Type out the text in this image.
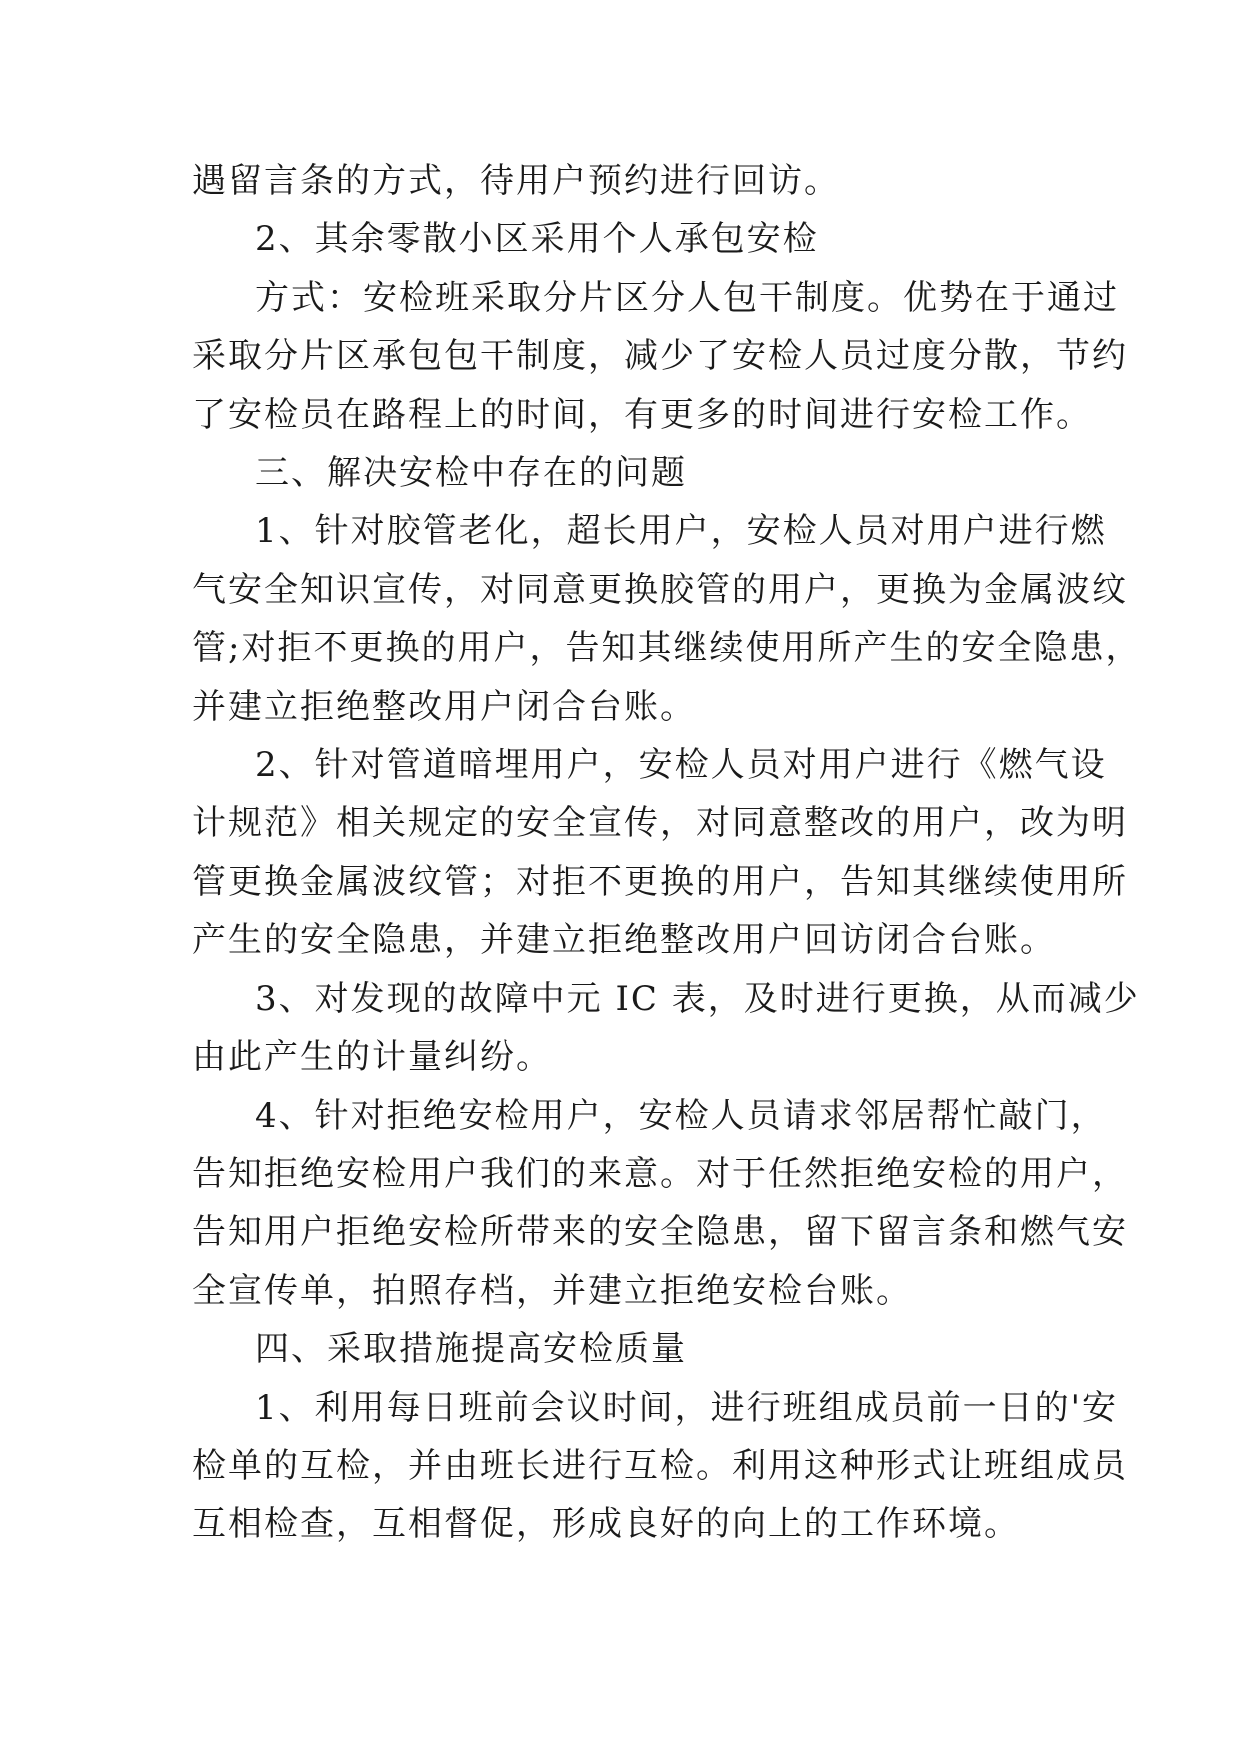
遇留言条的方式，待用户预约进行回访。

2、其余零散小区采用个人承包安检

方式：安检班采取分片区分人包干制度。优势在于通过

采取分片区承包包干制度，减少了安检人员过度分散，节约

了安检员在路程上的时间，有更多的时间进行安检工作。

三、解决安检中存在的问题

1、针对胶管老化，超长用户，安检人员对用户进行燃

气安全知识宣传，对同意更换胶管的用户，更换为金属波纹

管;对拒不更换的用户，告知其继续使用所产生的安全隐患，

并建立拒绝整改用户闭合台账。

2、针对管道暗埋用户，安检人员对用户进行《燃气设

计规范》相关规定的安全宣传，对同意整改的用户，改为明

管更换金属波纹管；对拒不更换的用户，告知其继续使用所

产生的安全隐患，并建立拒绝整改用户回访闭合台账。

3、对发现的故障中元 IC 表，及时进行更换，从而减少

由此产生的计量纠纷。

4、针对拒绝安检用户，安检人员请求邻居帮忙敲门，

告知拒绝安检用户我们的来意。对于任然拒绝安检的用户，

告知用户拒绝安检所带来的安全隐患，留下留言条和燃气安

全宣传单，拍照存档，并建立拒绝安检台账。

四、采取措施提高安检质量

1、利用每日班前会议时间，进行班组成员前一日的'安

检单的互检，并由班长进行互检。利用这种形式让班组成员

互相检查，互相督促，形成良好的向上的工作环境。
